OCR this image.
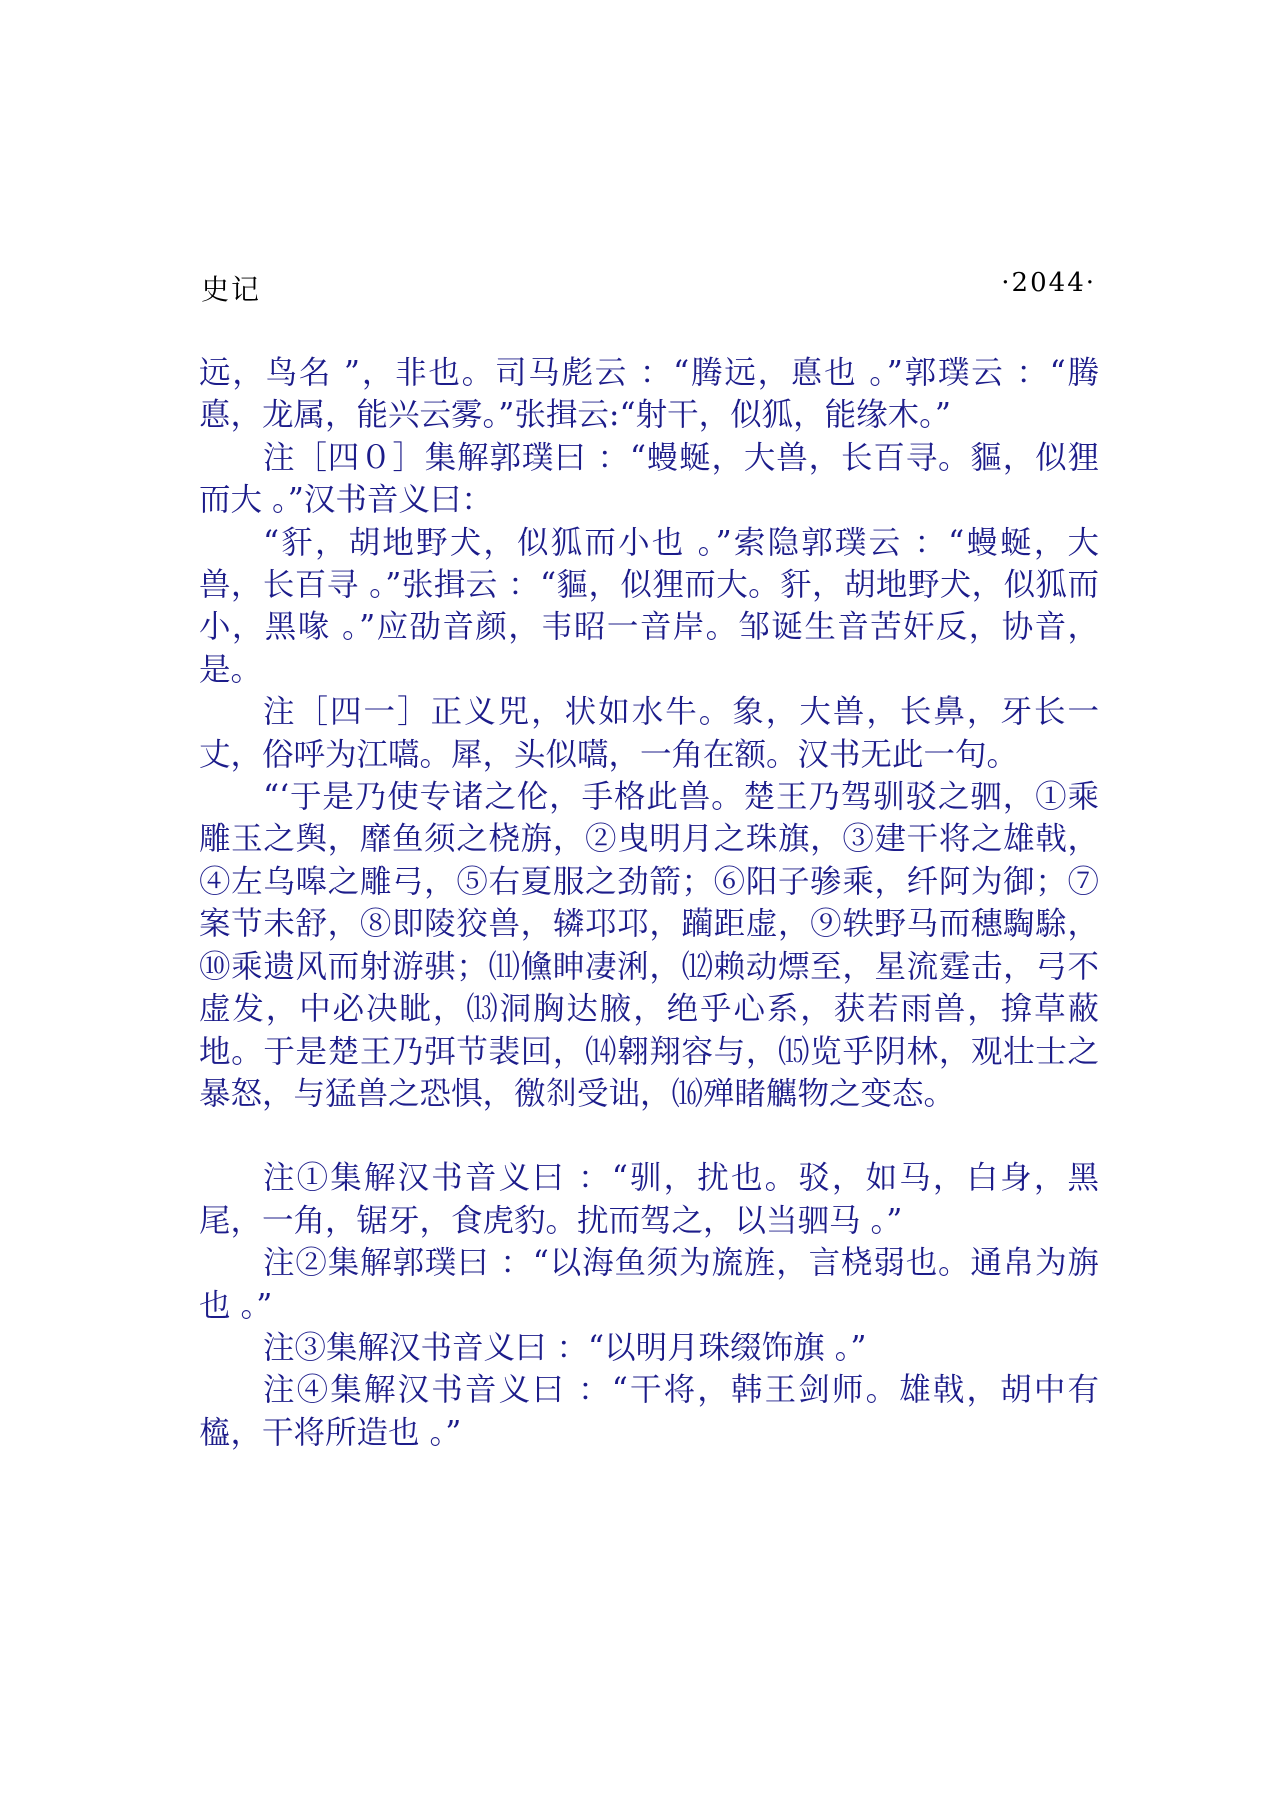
史记	·2044·

远，鸟名 ”，非也。司马彪云 ：“腾远，悳也 。”郭璞云 ：“腾悳，龙属，能兴云雾。”张揖云:“射干，似狐，能缘木。”

注［四０］集解郭璞曰 ：“蟃蜒，大兽，长百寻。貙，似狸而大 。”汉书音义曰：

“豻，胡地野犬，似狐而小也 。”索隐郭璞云 ：“蟃蜒，大兽，长百寻 。”张揖云 ：“貙，似狸而大。豻，胡地野犬，似狐而小，黑喙 。”应劭音颜，韦昭一音岸。邹诞生音苦奸反，协音，是。

注［四一］正义兕，状如水牛。象，大兽，长鼻，牙长一丈，俗呼为江嚆。犀，头似嚆，一角在额。汉书无此一句。

“‘于是乃使专诸之伦，手格此兽。楚王乃驾驯驳之驷，①乘雕玉之舆，靡鱼须之桡旃，②曳明月之珠旗，③建干将之雄戟，④左乌嗥之雕弓，⑤右夏服之劲箭；⑥阳子骖乘，纤阿为御；⑦案节未舒，⑧即陵狡兽，辚邛邛，躏距虚，⑨轶野马而穗騊駼，⑩乘遗风而射游骐；⑾儵眒凄浰，⑿赖动熛至，星流霆击，弓不虚发，中必决眦，⒀洞胸达腋，绝乎心系，获若雨兽，揜草蔽地。于是楚王乃弭节裴回，⒁翱翔容与，⒂览乎阴林，观壮士之暴怒，与猛兽之恐惧，徼𠛴受诎，⒃殚睹觽物之变态。

注①集解汉书音义曰 ：“驯，扰也。驳，如马，白身，黑尾，一角，锯牙，食虎豹。扰而驾之，以当驷马 。”

注②集解郭璞曰 ：“以海鱼须为旒旌，言桡弱也。通帛为旃也 。”

注③集解汉书音义曰 ：“以明月珠缀饰旗 。”

注④集解汉书音义曰 ：“干将，韩王剑师。雄戟，胡中有橀，干将所造也 。”
